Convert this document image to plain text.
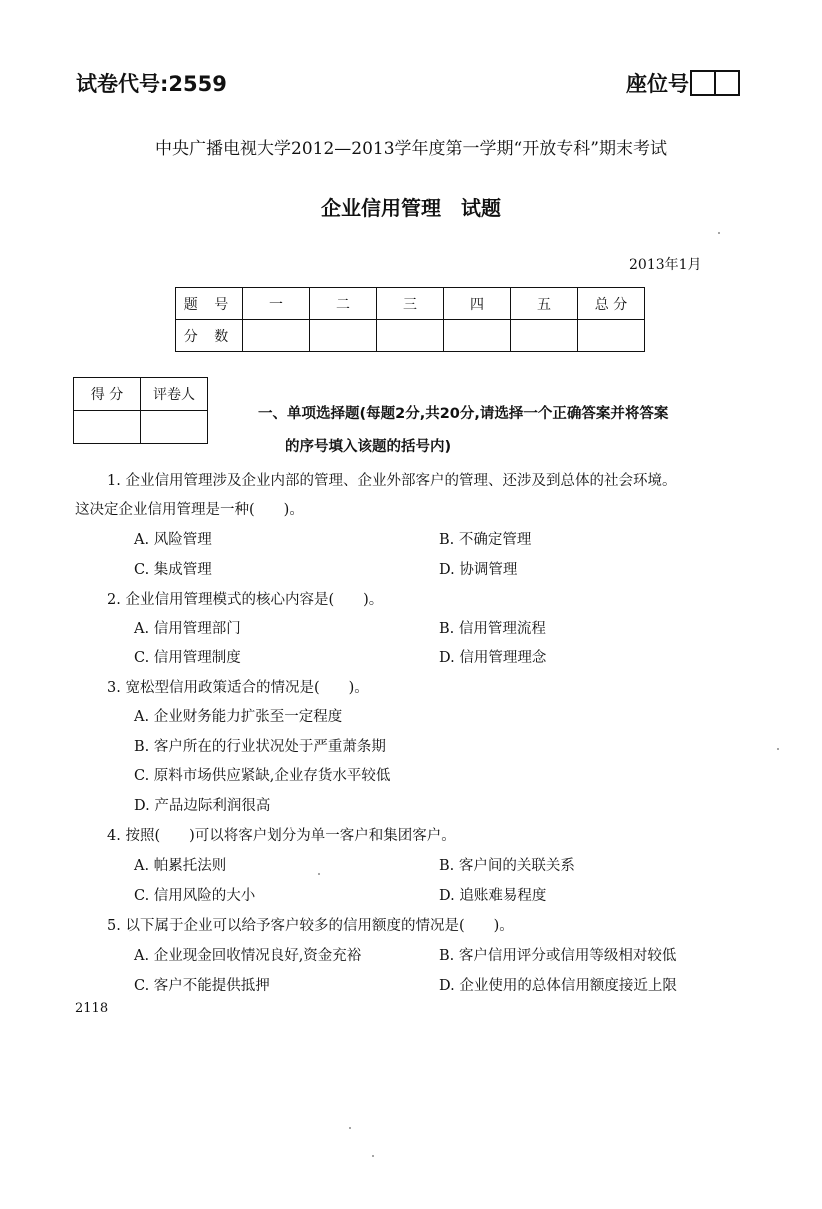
试卷代号:2559	座位号
中央广播电视大学2012—2013学年度第一学期“开放专科”期末考试
企业信用管理　试题
2013年1月
题 号	一	二	三	四	五	总 分
分 数						
得 分	评卷人

一、单项选择题(每题2分,共20分,请选择一个正确答案并将答案
的序号填入该题的括号内)
1. 企业信用管理涉及企业内部的管理、企业外部客户的管理、还涉及到总体的社会环境。
这决定企业信用管理是一种(　　)。
A. 风险管理	B. 不确定管理
C. 集成管理	D. 协调管理
2. 企业信用管理模式的核心内容是(　　)。
A. 信用管理部门	B. 信用管理流程
C. 信用管理制度	D. 信用管理理念
3. 宽松型信用政策适合的情况是(　　)。
A. 企业财务能力扩张至一定程度
B. 客户所在的行业状况处于严重萧条期
C. 原料市场供应紧缺,企业存货水平较低
D. 产品边际利润很高
4. 按照(　　)可以将客户划分为单一客户和集团客户。
A. 帕累托法则	B. 客户间的关联关系
C. 信用风险的大小	D. 追账难易程度
5. 以下属于企业可以给予客户较多的信用额度的情况是(　　)。
A. 企业现金回收情况良好,资金充裕	B. 客户信用评分或信用等级相对较低
C. 客户不能提供抵押	D. 企业使用的总体信用额度接近上限
2118
